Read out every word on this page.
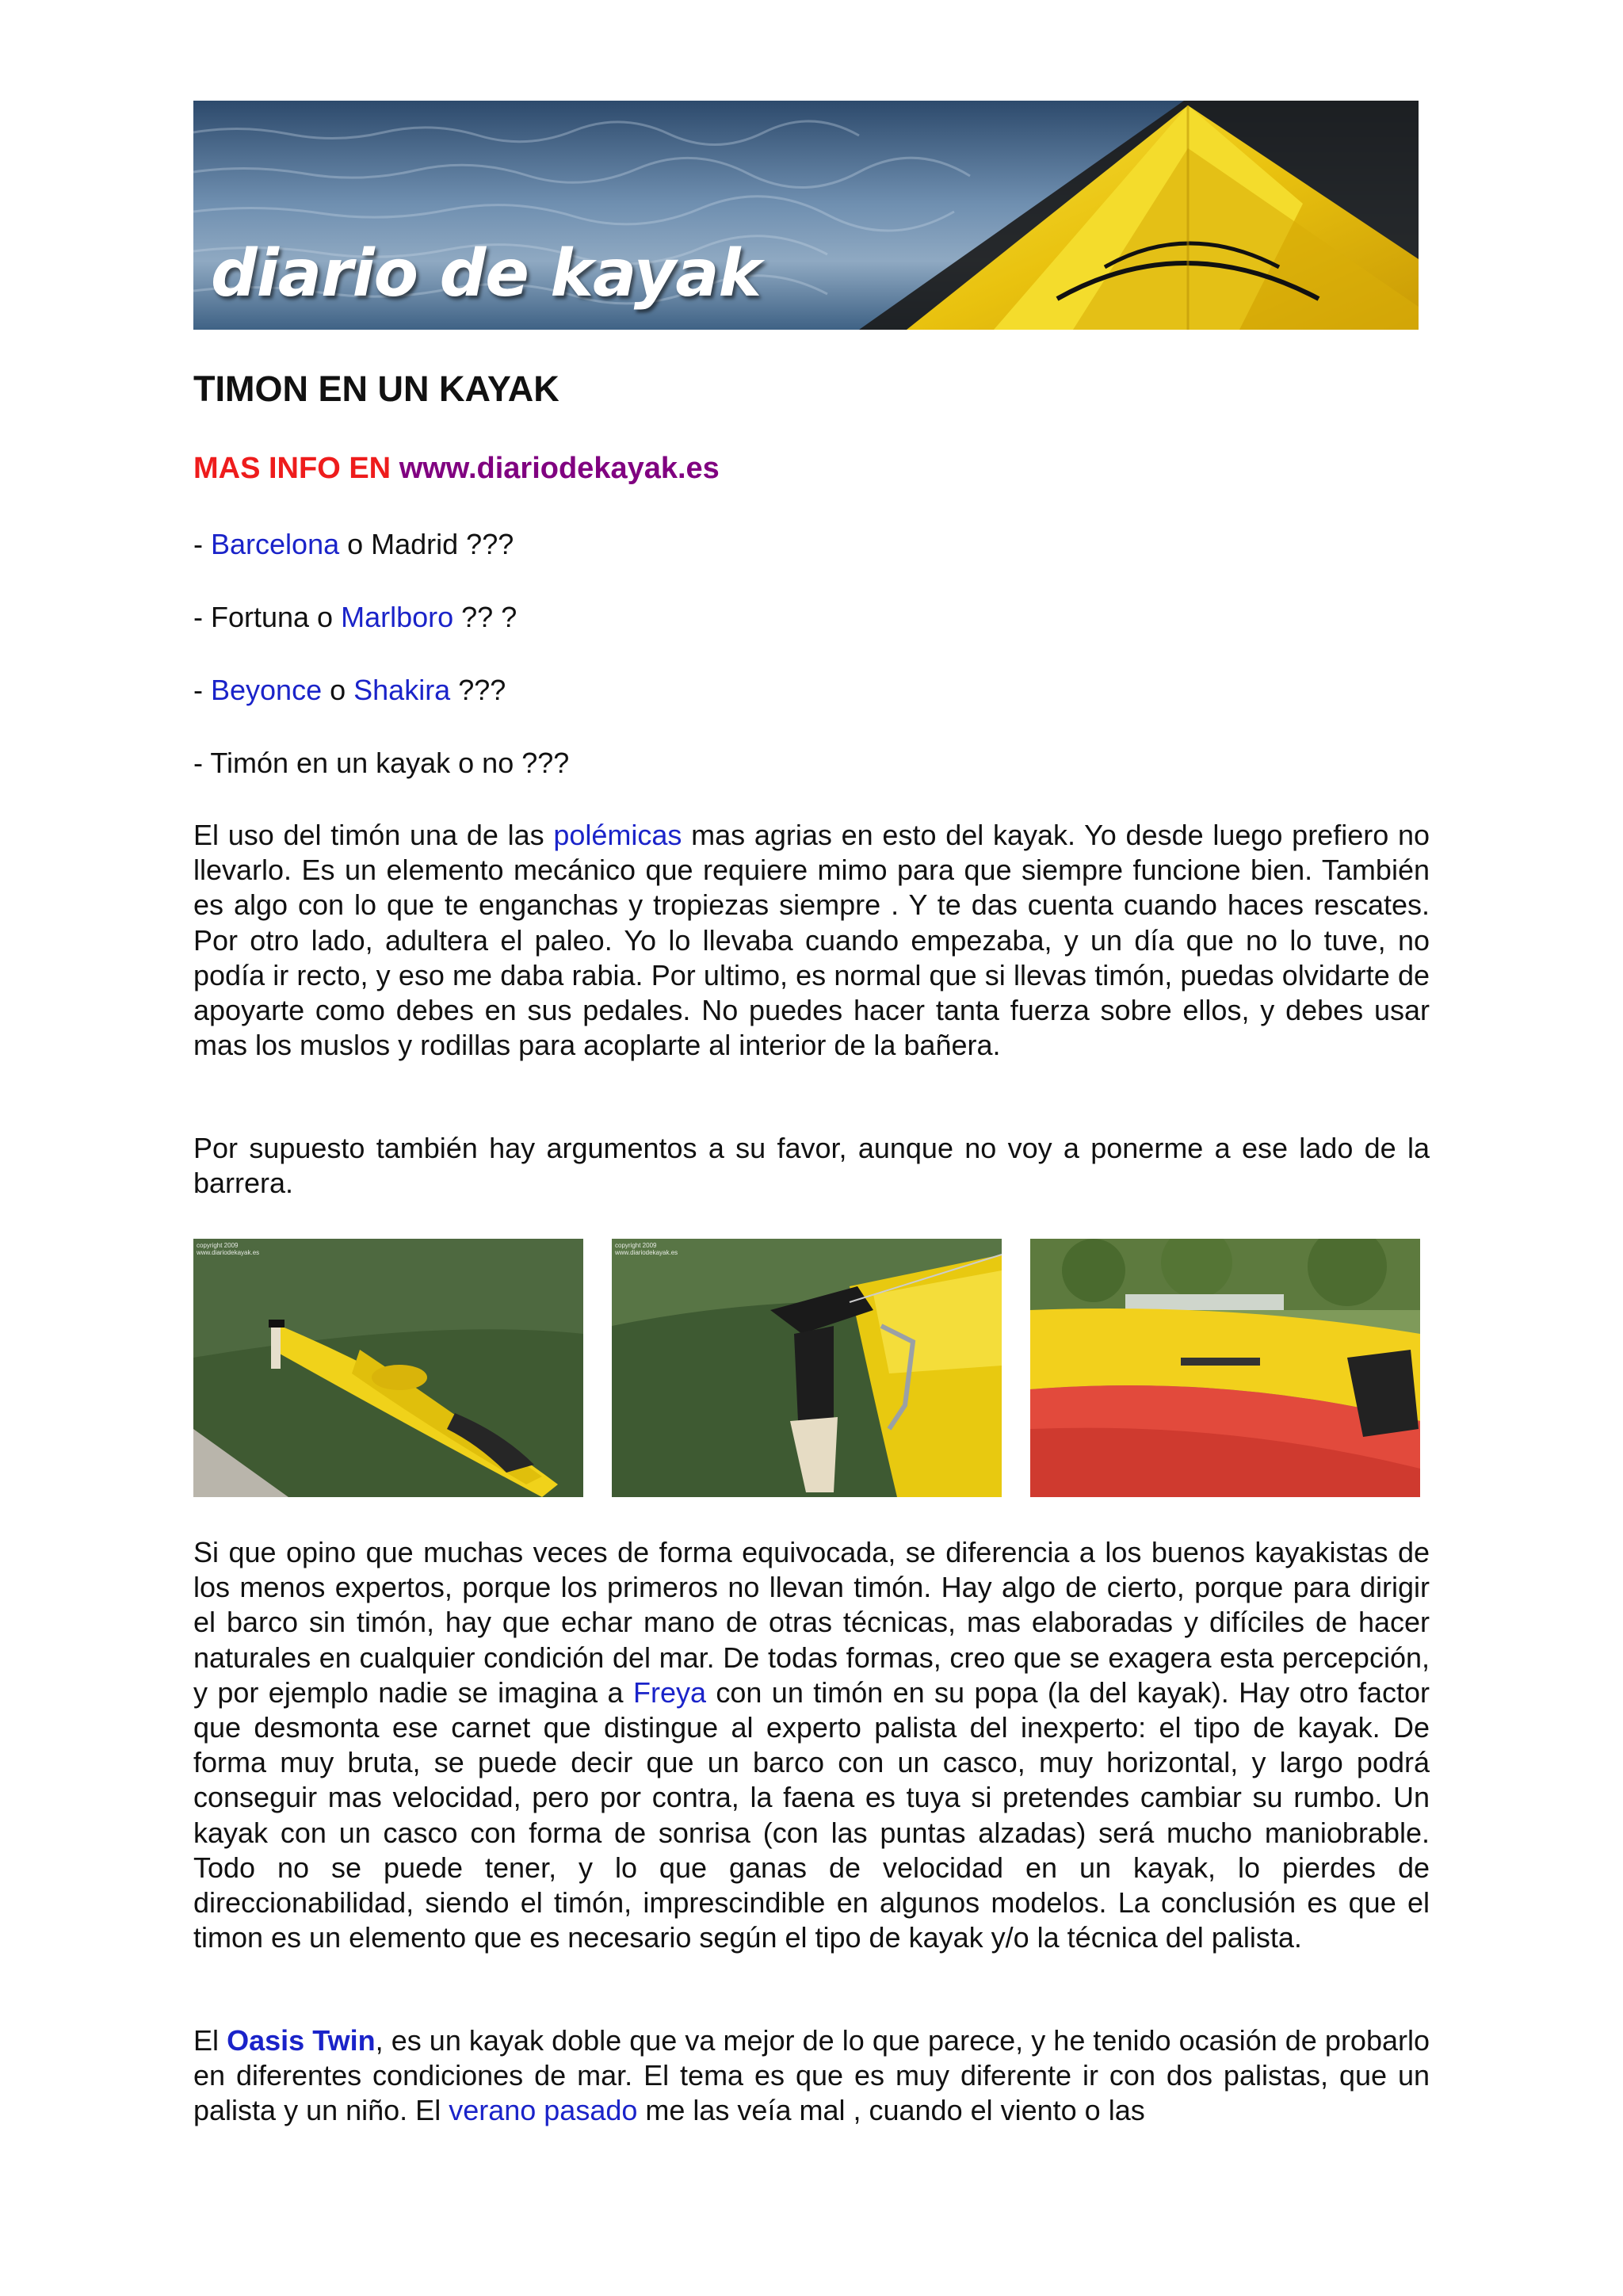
diario de kayak
TIMON EN UN KAYAK
MAS INFO EN www.diariodekayak.es
- Barcelona o Madrid ???
- Fortuna o Marlboro ?? ?
- Beyonce o Shakira ???
- Timón en un kayak o no ???

El uso del timón una de las polémicas mas agrias en esto del kayak. Yo desde luego prefiero no llevarlo. Es un elemento mecánico que requiere mimo para que siempre funcione bien. También es algo con lo que te enganchas y tropiezas siempre . Y te das cuenta cuando haces rescates. Por otro lado, adultera el paleo. Yo lo llevaba cuando empezaba, y un día que no lo tuve, no podía ir recto, y eso me daba rabia. Por ultimo, es normal que si llevas timón, puedas olvidarte de apoyarte como debes en sus pedales. No puedes hacer tanta fuerza sobre ellos, y debes usar mas los muslos y rodillas para acoplarte al interior de la bañera.

Por supuesto también hay argumentos a su favor, aunque no voy a ponerme a ese lado de la barrera.

copyright 2009
www.diariodekayak.es
copyright 2009
www.diariodekayak.es

Si que opino que muchas veces de forma equivocada, se diferencia a los buenos kayakistas de los menos expertos, porque los primeros no llevan timón. Hay algo de cierto, porque para dirigir el barco sin timón, hay que echar mano de otras técnicas, mas elaboradas y difíciles de hacer naturales en cualquier condición del mar. De todas formas, creo que se exagera esta percepción, y por ejemplo nadie se imagina a Freya con un timón en su popa (la del kayak). Hay otro factor que desmonta ese carnet que distingue al experto palista del inexperto: el tipo de kayak. De forma muy bruta, se puede decir que un barco con un casco, muy horizontal, y largo podrá conseguir mas velocidad, pero por contra, la faena es tuya si pretendes cambiar su rumbo. Un kayak con un casco con forma de sonrisa (con las puntas alzadas) será mucho maniobrable. Todo no se puede tener, y lo que ganas de velocidad en un kayak, lo pierdes de direccionabilidad, siendo el timón, imprescindible en algunos modelos. La conclusión es que el timon es un elemento que es necesario según el tipo de kayak y/o la técnica del palista.

El Oasis Twin, es un kayak doble que va mejor de lo que parece, y he tenido ocasión de probarlo en diferentes condiciones de mar. El tema es que es muy diferente ir con dos palistas, que un palista y un niño. El verano pasado me las veía mal , cuando el viento o las
